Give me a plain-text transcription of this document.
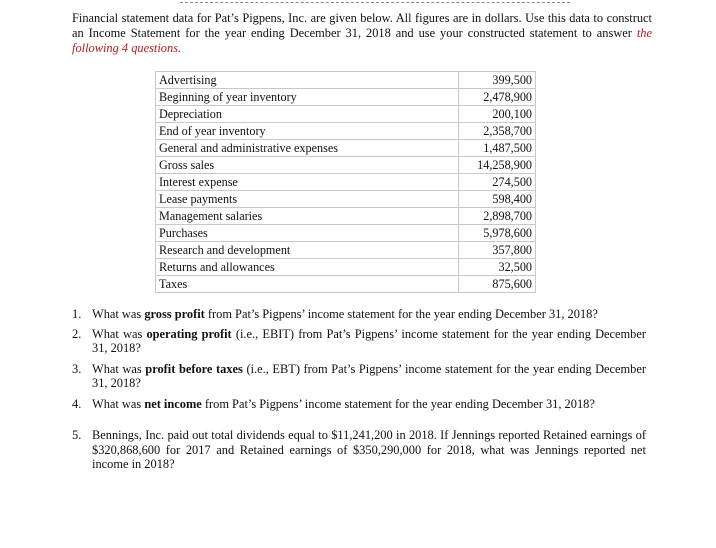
Financial statement data for Pat’s Pigpens, Inc. are given below. All figures are in dollars. Use this data to construct an Income Statement for the year ending December 31, 2018 and use your constructed statement to answer the following 4 questions.

Advertising	399,500
Beginning of year inventory	2,478,900
Depreciation	200,100
End of year inventory	2,358,700
General and administrative expenses	1,487,500
Gross sales	14,258,900
Interest expense	274,500
Lease payments	598,400
Management salaries	2,898,700
Purchases	5,978,600
Research and development	357,800
Returns and allowances	32,500
Taxes	875,600
1. What was gross profit from Pat’s Pigpens’ income statement for the year ending December 31, 2018?
2. What was operating profit (i.e., EBIT) from Pat’s Pigpens’ income statement for the year ending December 31, 2018?
3. What was profit before taxes (i.e., EBT) from Pat’s Pigpens’ income statement for the year ending December 31, 2018?
4. What was net income from Pat’s Pigpens’ income statement for the year ending December 31, 2018?
5. Bennings, Inc. paid out total dividends equal to $11,241,200 in 2018. If Jennings reported Retained earnings of $320,868,600 for 2017 and Retained earnings of $350,290,000 for 2018, what was Jennings reported net income in 2018?
